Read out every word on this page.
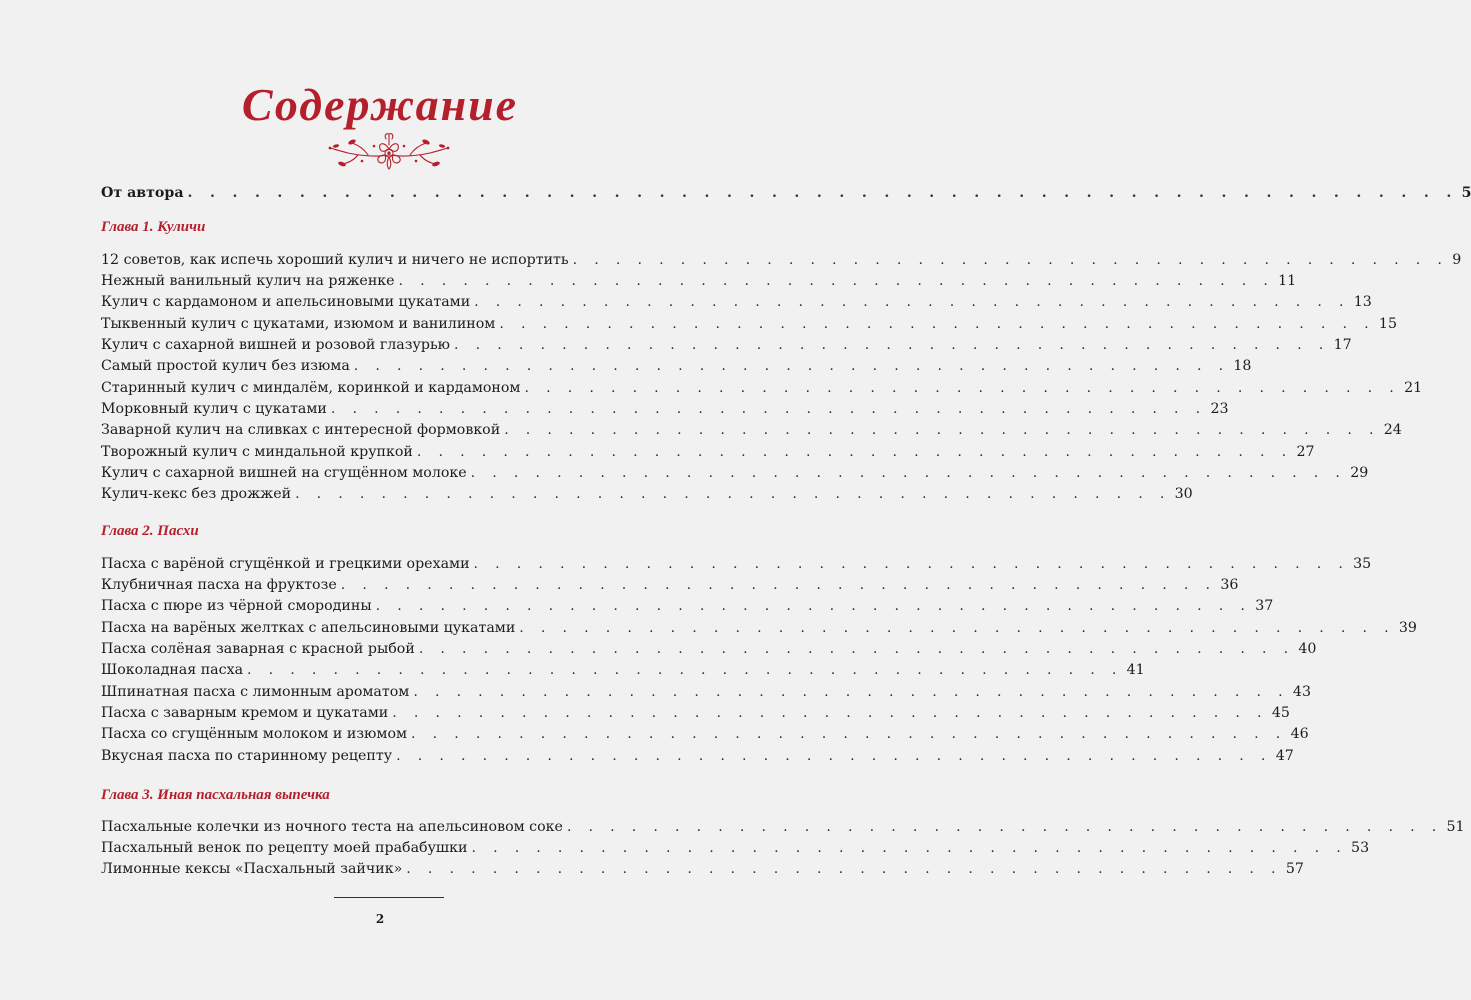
Содержание
От автора . . . . . . . . . . . . . . . . . . . . . . . . . . . . . . . . . . . . . . . . . . . . . . . . . . . . . . . . . 5
Глава 1. Куличи
12 советов, как испечь хороший кулич и ничего не испортить . . . . . . . . . . . . . . . . . . . . . . . . . . . . . . . . . . . . . . . . . 9
Нежный ванильный кулич на ряженке . . . . . . . . . . . . . . . . . . . . . . . . . . . . . . . . . . . . . . . . . 11
Кулич с кардамоном и апельсиновыми цукатами . . . . . . . . . . . . . . . . . . . . . . . . . . . . . . . . . . . . . . . . . 13
Тыквенный кулич с цукатами, изюмом и ванилином . . . . . . . . . . . . . . . . . . . . . . . . . . . . . . . . . . . . . . . . . 15
Кулич с сахарной вишней и розовой глазурью . . . . . . . . . . . . . . . . . . . . . . . . . . . . . . . . . . . . . . . . . 17
Самый простой кулич без изюма . . . . . . . . . . . . . . . . . . . . . . . . . . . . . . . . . . . . . . . . . 18
Старинный кулич с миндалём, коринкой и кардамоном . . . . . . . . . . . . . . . . . . . . . . . . . . . . . . . . . . . . . . . . . 21
Морковный кулич с цукатами . . . . . . . . . . . . . . . . . . . . . . . . . . . . . . . . . . . . . . . . . 23
Заварной кулич на сливках с интересной формовкой . . . . . . . . . . . . . . . . . . . . . . . . . . . . . . . . . . . . . . . . . 24
Творожный кулич с миндальной крупкой . . . . . . . . . . . . . . . . . . . . . . . . . . . . . . . . . . . . . . . . . 27
Кулич с сахарной вишней на сгущённом молоке . . . . . . . . . . . . . . . . . . . . . . . . . . . . . . . . . . . . . . . . . 29
Кулич-кекс без дрожжей . . . . . . . . . . . . . . . . . . . . . . . . . . . . . . . . . . . . . . . . . 30
Глава 2. Пасхи
Пасха с варёной сгущёнкой и грецкими орехами . . . . . . . . . . . . . . . . . . . . . . . . . . . . . . . . . . . . . . . . . 35
Клубничная пасха на фруктозе . . . . . . . . . . . . . . . . . . . . . . . . . . . . . . . . . . . . . . . . . 36
Пасха с пюре из чёрной смородины . . . . . . . . . . . . . . . . . . . . . . . . . . . . . . . . . . . . . . . . . 37
Пасха на варёных желтках с апельсиновыми цукатами . . . . . . . . . . . . . . . . . . . . . . . . . . . . . . . . . . . . . . . . . 39
Пасха солёная заварная с красной рыбой . . . . . . . . . . . . . . . . . . . . . . . . . . . . . . . . . . . . . . . . . 40
Шоколадная пасха . . . . . . . . . . . . . . . . . . . . . . . . . . . . . . . . . . . . . . . . . 41
Шпинатная пасха с лимонным ароматом . . . . . . . . . . . . . . . . . . . . . . . . . . . . . . . . . . . . . . . . . 43
Пасха с заварным кремом и цукатами . . . . . . . . . . . . . . . . . . . . . . . . . . . . . . . . . . . . . . . . . 45
Пасха со сгущённым молоком и изюмом . . . . . . . . . . . . . . . . . . . . . . . . . . . . . . . . . . . . . . . . . 46
Вкусная пасха по старинному рецепту . . . . . . . . . . . . . . . . . . . . . . . . . . . . . . . . . . . . . . . . . 47
Глава 3. Иная пасхальная выпечка
Пасхальные колечки из ночного теста на апельсиновом соке . . . . . . . . . . . . . . . . . . . . . . . . . . . . . . . . . . . . . . . . . 51
Пасхальный венок по рецепту моей прабабушки . . . . . . . . . . . . . . . . . . . . . . . . . . . . . . . . . . . . . . . . . 53
Лимонные кексы «Пасхальный зайчик» . . . . . . . . . . . . . . . . . . . . . . . . . . . . . . . . . . . . . . . . . 57
2
